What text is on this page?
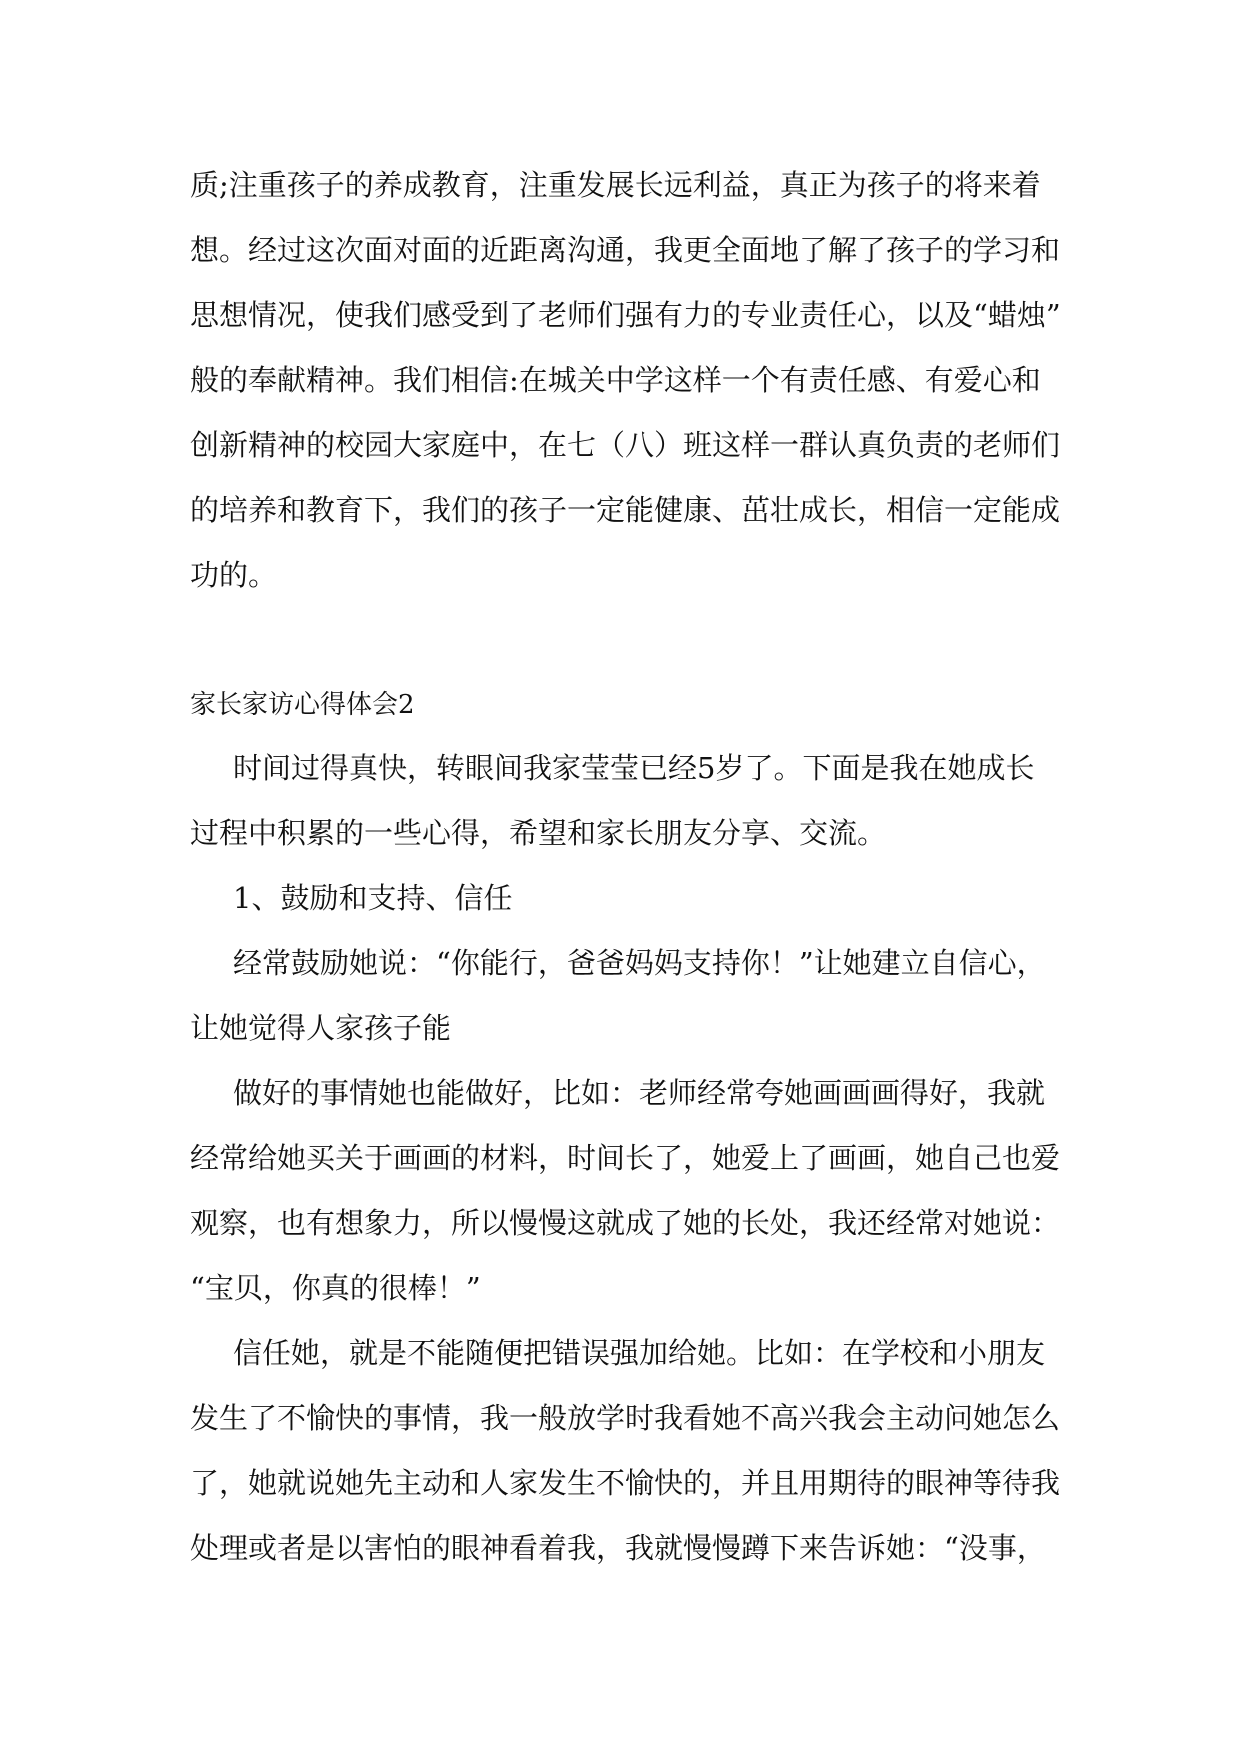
质;注重孩子的养成教育，注重发展长远利益，真正为孩子的将来着

想。经过这次面对面的近距离沟通，我更全面地了解了孩子的学习和

思想情况，使我们感受到了老师们强有力的专业责任心，以及“蜡烛”

般的奉献精神。我们相信:在城关中学这样一个有责任感、有爱心和

创新精神的校园大家庭中，在七（八）班这样一群认真负责的老师们

的培养和教育下，我们的孩子一定能健康、茁壮成长，相信一定能成

功的。

家长家访心得体会2

时间过得真快，转眼间我家莹莹已经5岁了。下面是我在她成长

过程中积累的一些心得，希望和家长朋友分享、交流。

1、鼓励和支持、信任

经常鼓励她说：“你能行，爸爸妈妈支持你！”让她建立自信心，

让她觉得人家孩子能

做好的事情她也能做好，比如：老师经常夸她画画画得好，我就

经常给她买关于画画的材料，时间长了，她爱上了画画，她自己也爱

观察，也有想象力，所以慢慢这就成了她的长处，我还经常对她说：

“宝贝，你真的很棒！”

信任她，就是不能随便把错误强加给她。比如：在学校和小朋友

发生了不愉快的事情，我一般放学时我看她不高兴我会主动问她怎么

了，她就说她先主动和人家发生不愉快的，并且用期待的眼神等待我

处理或者是以害怕的眼神看着我，我就慢慢蹲下来告诉她：“没事，
